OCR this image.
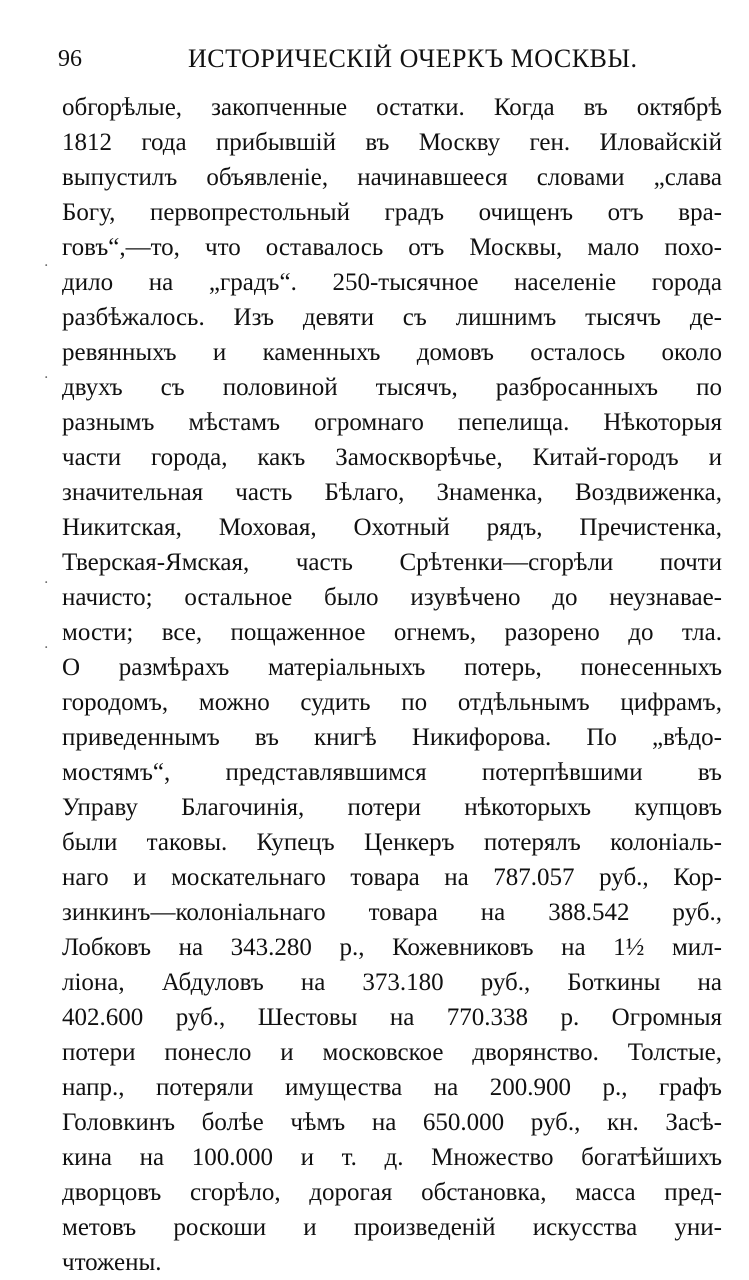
96	ИСТОРИЧЕСКІЙ ОЧЕРКЪ МОСКВЫ.
·
·
·
·
обгорѣлые, закопченные остатки. Когда въ октябрѣ
1812 года прибывшій въ Москву ген. Иловайскій
выпустилъ объявленіе, начинавшееся словами „слава
Богу, первопрестольный градъ очищенъ отъ вра-
говъ“,—то, что оставалось отъ Москвы, мало похо-
дило на „градъ“. 250-тысячное населеніе города
разбѣжалось. Изъ девяти съ лишнимъ тысячъ де-
ревянныхъ и каменныхъ домовъ осталось около
двухъ съ половиной тысячъ, разбросанныхъ по
разнымъ мѣстамъ огромнаго пепелища. Нѣкоторыя
части города, какъ Замоскворѣчье, Китай-городъ и
значительная часть Бѣлаго, Знаменка, Воздвиженка,
Никитская, Моховая, Охотный рядъ, Пречистенка,
Тверская-Ямская, часть Срѣтенки—сгорѣли почти
начисто; остальное было изувѣчено до неузнавае-
мости; все, пощаженное огнемъ, разорено до тла.
О размѣрахъ матеріальныхъ потерь, понесенныхъ
городомъ, можно судить по отдѣльнымъ цифрамъ,
приведеннымъ въ книгѣ Никифорова. По „вѣдо-
мостямъ“, представлявшимся потерпѣвшими въ
Управу Благочинія, потери нѣкоторыхъ купцовъ
были таковы. Купецъ Ценкеръ потерялъ колоніаль-
наго и москательнаго товара на 787.057 руб., Кор-
зинкинъ—колоніальнаго товара на 388.542 руб.,
Лобковъ на 343.280 р., Кожевниковъ на 1½ мил-
ліона, Абдуловъ на 373.180 руб., Боткины на
402.600 руб., Шестовы на 770.338 р. Огромныя
потери понесло и московское дворянство. Толстые,
напр., потеряли имущества на 200.900 р., графъ
Головкинъ болѣе чѣмъ на 650.000 руб., кн. Засѣ-
кина на 100.000 и т. д. Множество богатѣйшихъ
дворцовъ сгорѣло, дорогая обстановка, масса пред-
метовъ роскоши и произведеній искусства уни-
чтожены.
